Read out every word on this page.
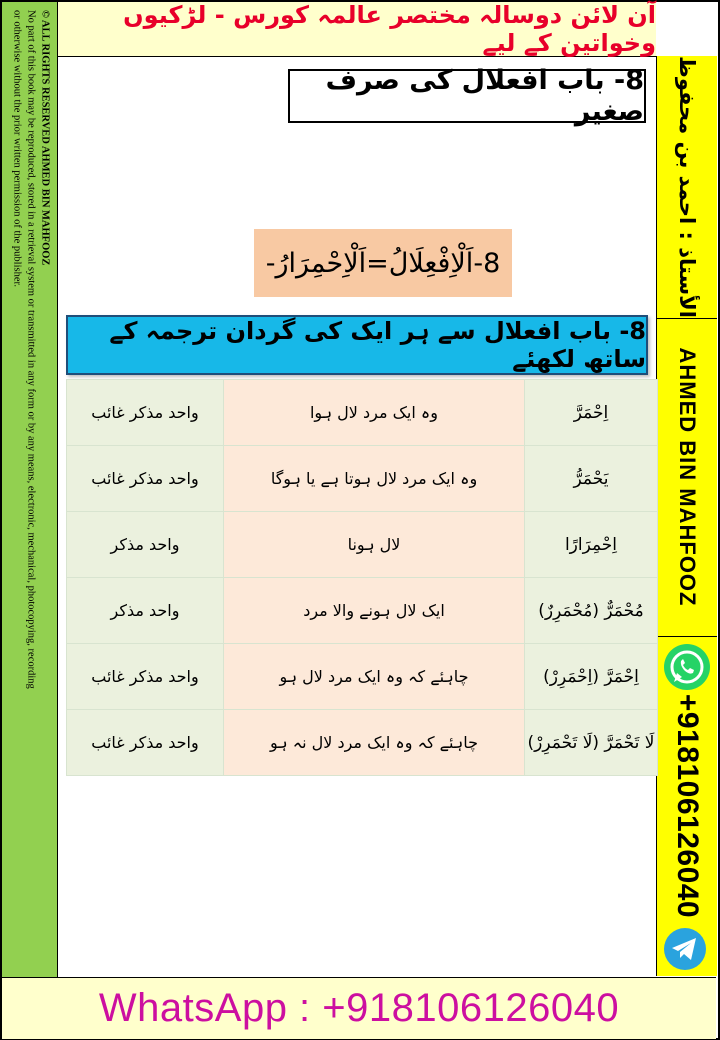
© ALL RIGHTS RESERVED AHMED BIN MAHFOOZ
No part of this book may be reproduced, stored in a retrieval system or transmitted in any form or by any means, electronic, mechanical, photocopying, recording
or otherwise without the prior written permission of the publisher.	آن لائن دوسالہ مختصر عالمہ کورس - لڑکیوں وخواتین کے لیے
الأستاذ : احمد بن محفوظ
AHMED BIN MAHFOOZ
+918106126040
8- باب افعلال کی صرف صغیر
8-اَلْاِفْعِلَالُ=اَلْاِحْمِرَارُ-
8- باب افعلال سے ہر ایک کی گردان ترجمہ کے ساتھ لکھئے
واحد مذکر غائب	وہ ایک مرد لال ہوا	اِحْمَرَّ
واحد مذکر غائب	وہ ایک مرد لال ہوتا ہے یا ہوگا	یَحْمَرُّ
واحد مذکر	لال ہونا	اِحْمِرَارًا
واحد مذکر	ایک لال ہونے والا مرد	مُحْمَرٌّ (مُحْمَرِرٌ)
واحد مذکر غائب	چاہئے کہ وہ ایک مرد لال ہو	اِحْمَرَّ (اِحْمَرِرْ)
واحد مذکر غائب	چاہئے کہ وہ ایک مرد لال نہ ہو	لَا تَحْمَرَّ (لَا تَحْمَرِرْ)
WhatsApp : +918106126040
